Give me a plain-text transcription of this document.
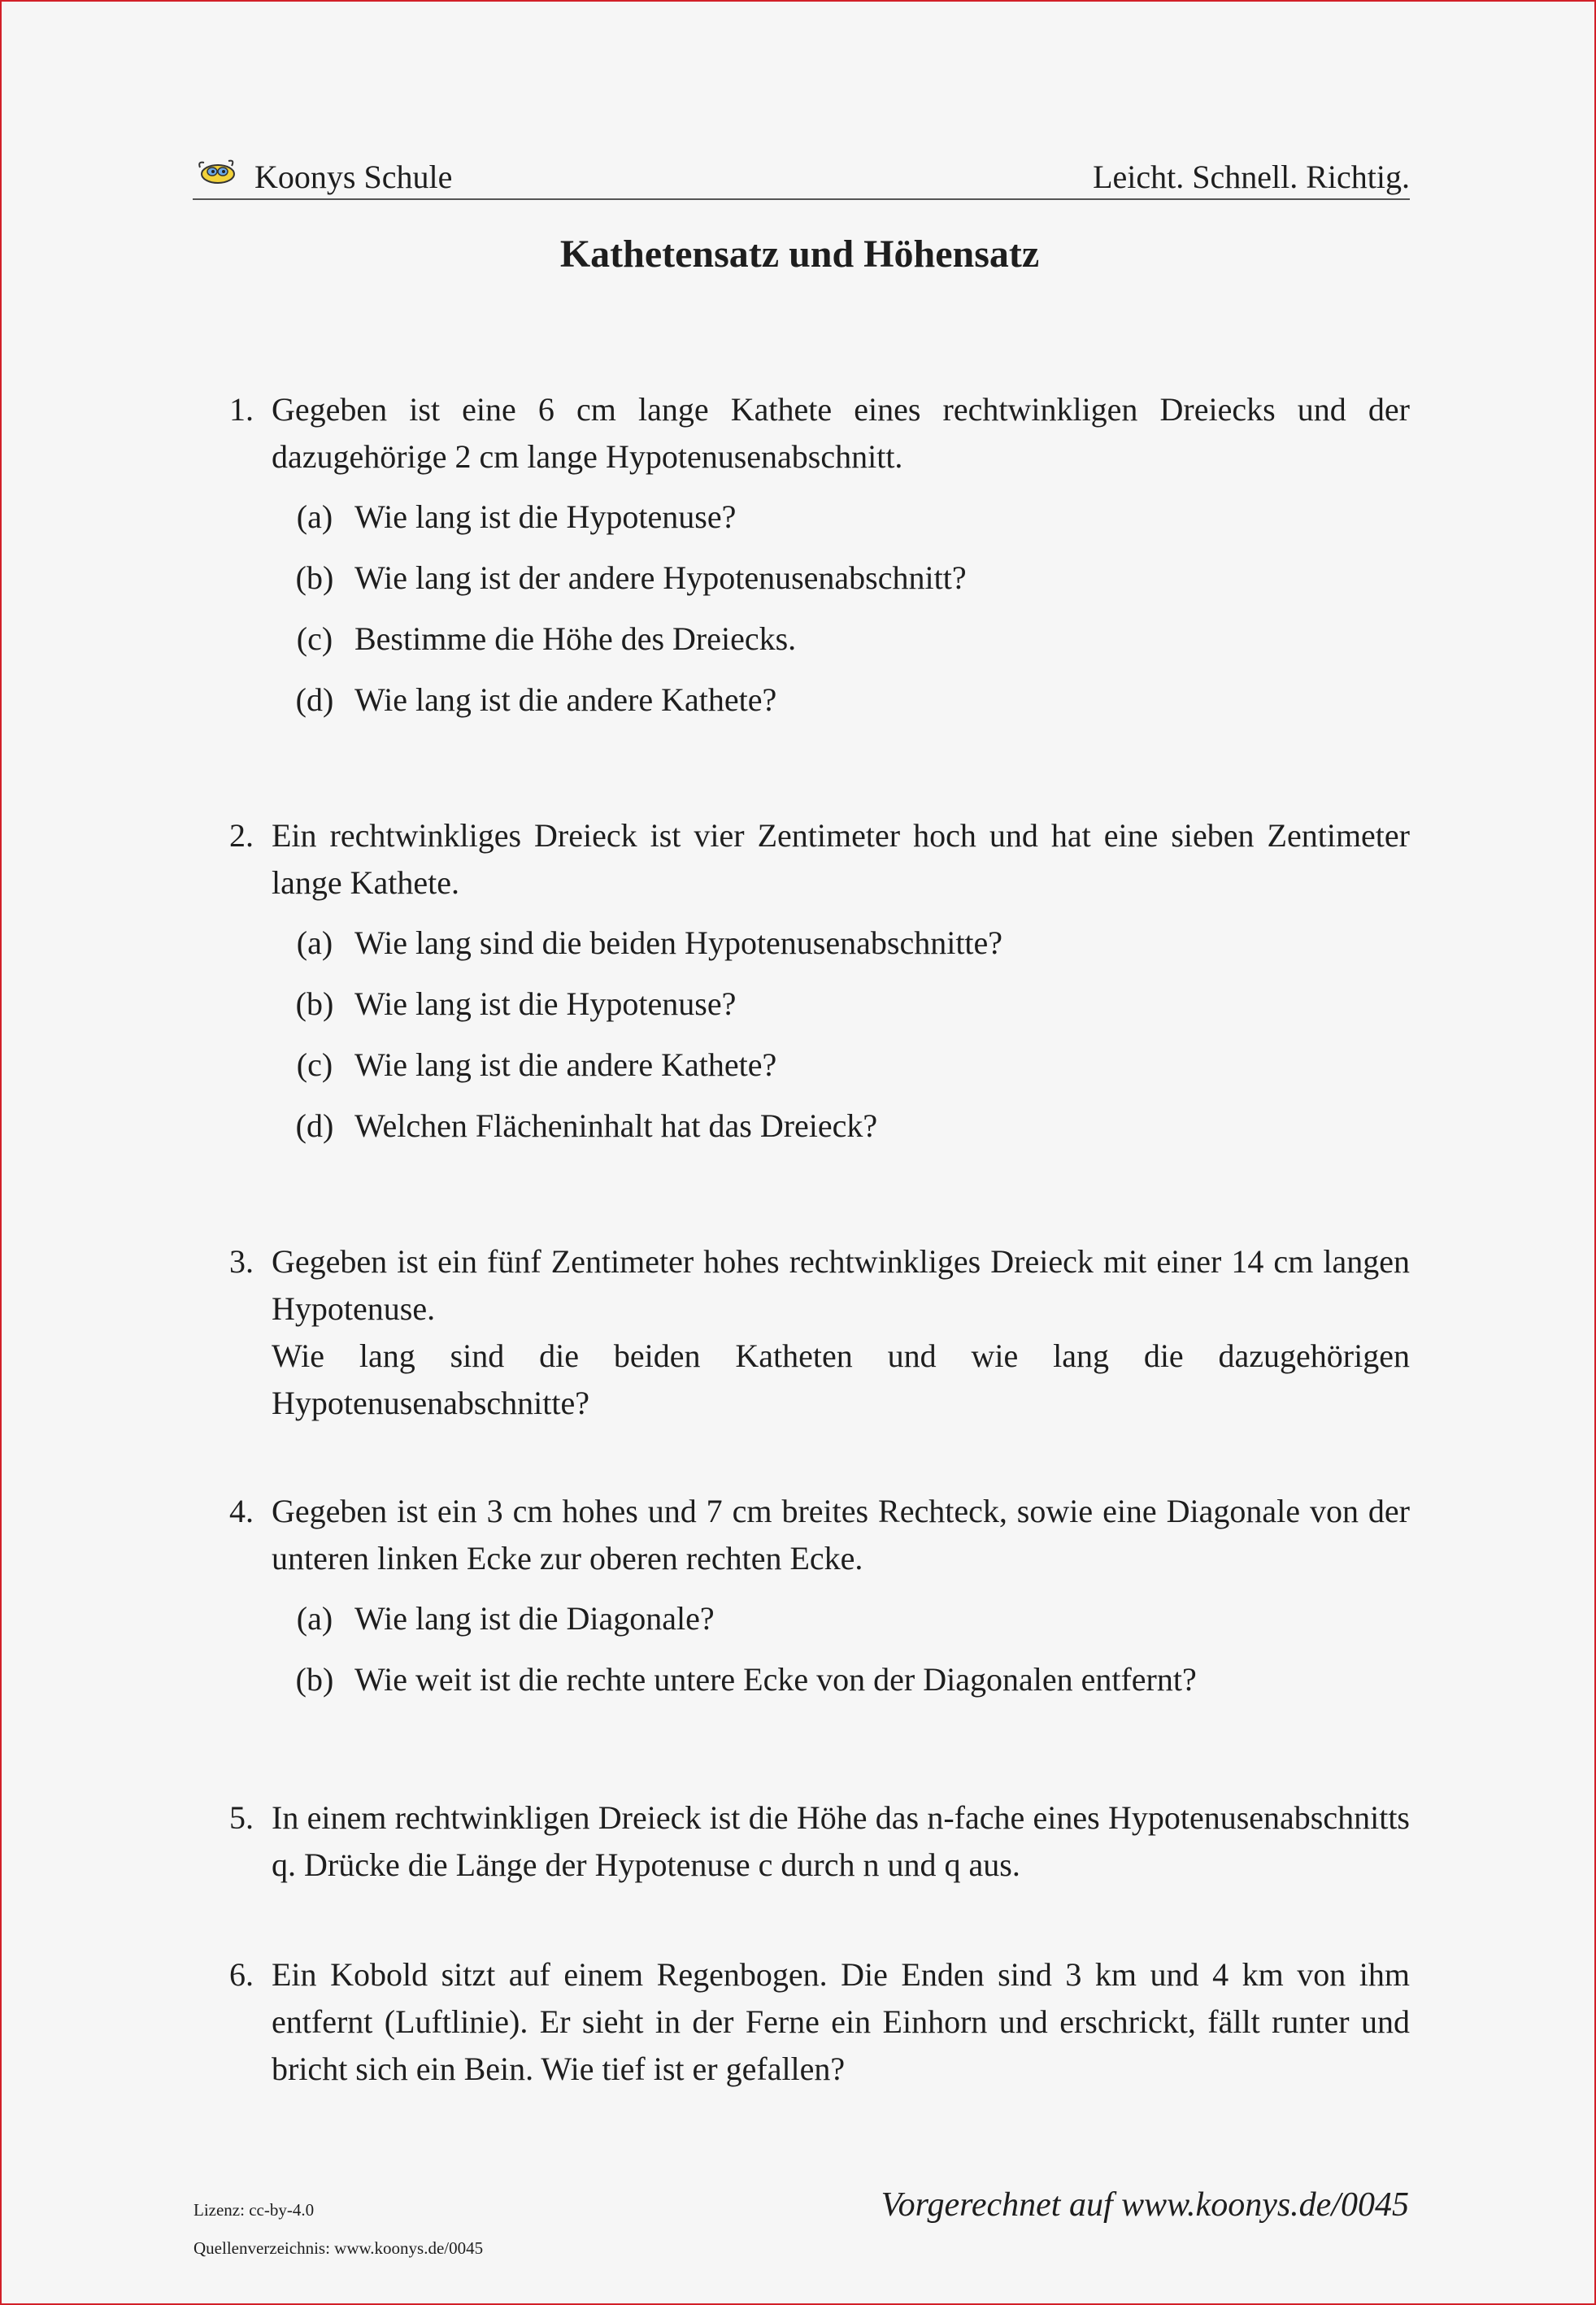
Koonys Schule	Leicht. Schnell. Richtig.
Kathetensatz und Höhensatz
1. Gegeben ist eine 6 cm lange Kathete eines rechtwinkligen Dreiecks und der dazugehörige 2 cm lange Hypotenusenabschnitt.

(a) Wie lang ist die Hypotenuse?
(b) Wie lang ist der andere Hypotenusenabschnitt?
(c) Bestimme die Höhe des Dreiecks.
(d) Wie lang ist die andere Kathete?
2. Ein rechtwinkliges Dreieck ist vier Zentimeter hoch und hat eine sieben Zentimeter lange Kathete.

(a) Wie lang sind die beiden Hypotenusenabschnitte?
(b) Wie lang ist die Hypotenuse?
(c) Wie lang ist die andere Kathete?
(d) Welchen Flächeninhalt hat das Dreieck?
3. Gegeben ist ein fünf Zentimeter hohes rechtwinkliges Dreieck mit einer 14 cm langen Hypotenuse.

Wie lang sind die beiden Katheten und wie lang die dazugehörigen Hypotenusenabschnitte?

4. Gegeben ist ein 3 cm hohes und 7 cm breites Rechteck, sowie eine Diagonale von der unteren linken Ecke zur oberen rechten Ecke.

(a) Wie lang ist die Diagonale?
(b) Wie weit ist die rechte untere Ecke von der Diagonalen entfernt?
5. In einem rechtwinkligen Dreieck ist die Höhe das n-fache eines Hypotenusenabschnitts q. Drücke die Länge der Hypotenuse c durch n und q aus.

6. Ein Kobold sitzt auf einem Regenbogen. Die Enden sind 3 km und 4 km von ihm entfernt (Luftlinie). Er sieht in der Ferne ein Einhorn und erschrickt, fällt runter und bricht sich ein Bein. Wie tief ist er gefallen?

Lizenz: cc-by-4.0
Quellenverzeichnis: www.koonys.de/0045
Vorgerechnet auf www.koonys.de/0045
